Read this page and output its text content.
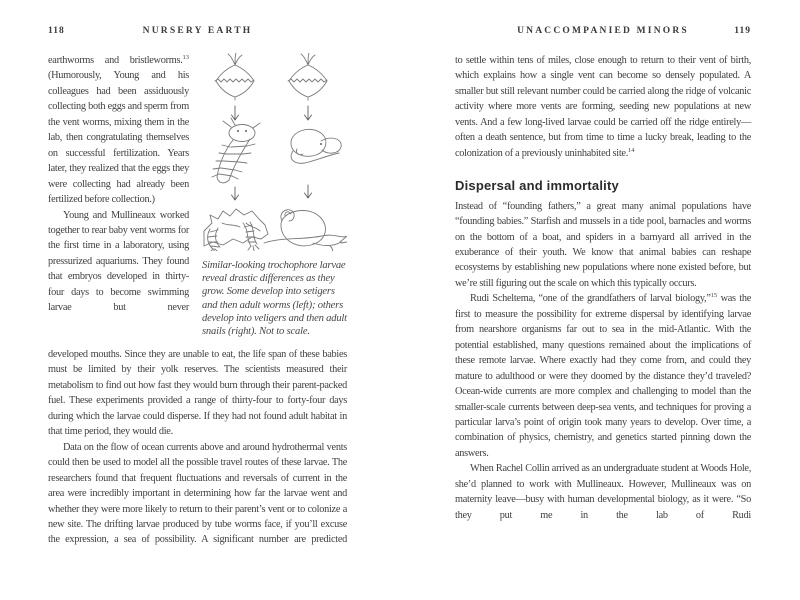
118	NURSERY EARTH

earthworms and bristleworms.$^{13}$ (Humorously, Young and his colleagues had been assiduously collecting both eggs and sperm from the vent worms, mixing them in the lab, then congratulating themselves on successful fertilization. Years later, they realized that the eggs they were collecting had already been fertilized before collection.)

Young and Mullineaux worked together to rear baby vent worms for the first time in a laboratory, using pressurized aquariums. They found that embryos developed in thirty-four days to become swimming larvae but never

Similar-looking trochophore larvae reveal drastic differences as they grow. Some develop into setigers and then adult worms (left); others develop into veligers and then adult snails (right). Not to scale.

developed mouths. Since they are unable to eat, the life span of these babies must be limited by their yolk reserves. The scientists measured their metabolism to find out how fast they would burn through their parent-packed fuel. These experiments provided a range of thirty-four to forty-four days during which the larvae could disperse. If they had not found adult habitat in that time period, they would die.

Data on the flow of ocean currents above and around hydrothermal vents could then be used to model all the possible travel routes of these larvae. The researchers found that frequent fluctuations and reversals of current in the area were incredibly important in determining how far the larvae went and whether they were more likely to return to their parent’s vent or to colonize a new site. The drifting larvae produced by tube worms face, if you’ll excuse the expression, a sea of possibility. A significant number are predicted

UNACCOMPANIED MINORS	119

to settle within tens of miles, close enough to return to their vent of birth, which explains how a single vent can become so densely populated. A smaller but still relevant number could be carried along the ridge of volcanic activity where more vents are forming, seeding new populations at new vents. And a few long-lived larvae could be carried off the ridge entirely—often a death sentence, but from time to time a lucky break, leading to the colonization of a previously uninhabited site.$^{14}$

Dispersal and immortality

Instead of “founding fathers,” a great many animal populations have “founding babies.” Starfish and mussels in a tide pool, barnacles and worms on the bottom of a boat, and spiders in a barnyard all arrived in the exuberance of their youth. We know that animal babies can reshape ecosystems by establishing new populations where none existed before, but we’re still figuring out the scale on which this typically occurs.

Rudi Scheltema, “one of the grandfathers of larval biology,”$^{15}$ was the first to measure the possibility for extreme dispersal by identifying larvae from nearshore organisms far out to sea in the mid-Atlantic. With the potential established, many questions remained about the implications of these remote larvae. Where exactly had they come from, and could they mature to adulthood or were they doomed by the distance they’d traveled? Ocean-wide currents are more complex and challenging to model than the smaller-scale currents between deep-sea vents, and techniques for proving a particular larva’s point of origin took many years to develop. Over time, a combination of physics, chemistry, and genetics started pinning down the answers.

When Rachel Collin arrived as an undergraduate student at Woods Hole, she’d planned to work with Mullineaux. However, Mullineaux was on maternity leave—busy with human developmental biology, as it were. “So they put me in the lab of Rudi
